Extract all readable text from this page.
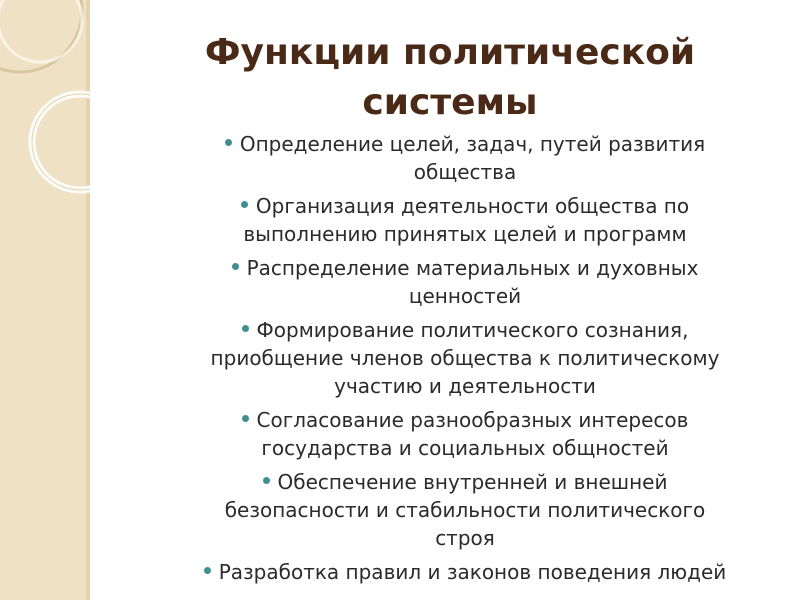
Функции политической
системы
Определение целей, задач, путей развития
общества
Организация деятельности общества по
выполнению принятых целей и программ
Распределение материальных и духовных
ценностей
Формирование политического сознания,
приобщение членов общества к политическому
участию и деятельности
Согласование разнообразных интересов
государства и социальных общностей
Обеспечение внутренней и внешней
безопасности и стабильности политического
строя
Разработка правил и законов поведения людей
